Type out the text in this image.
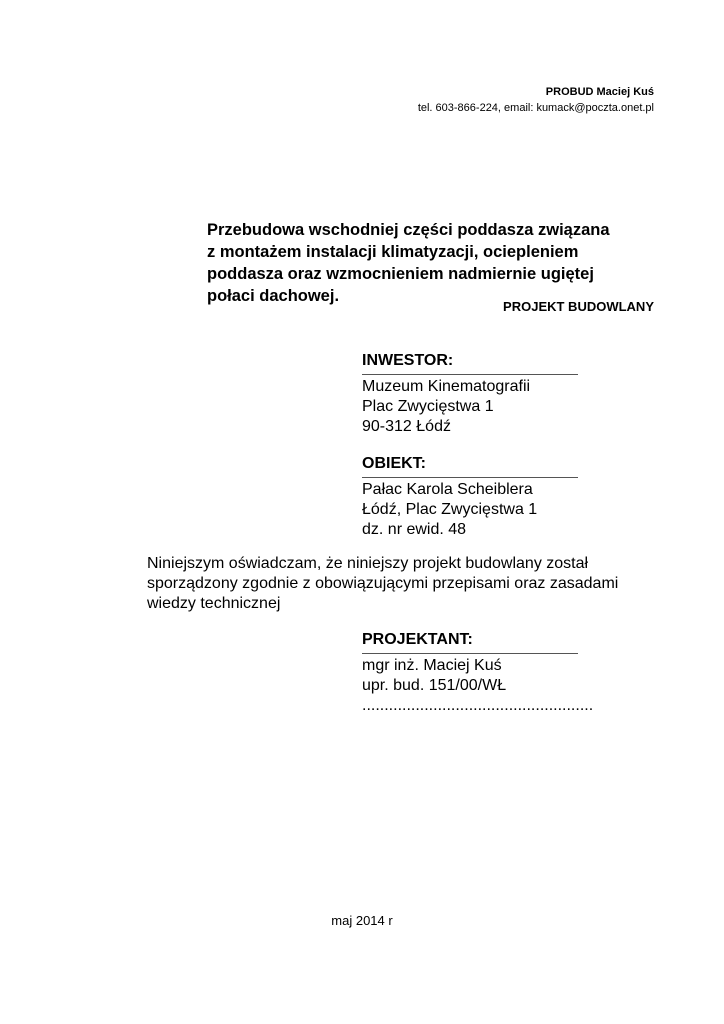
PROBUD Maciej Kuś
tel. 603-866-224, email: kumack@poczta.onet.pl

Przebudowa wschodniej części poddasza związana

z montażem instalacji klimatyzacji, ociepleniem

poddasza oraz wzmocnieniem nadmiernie ugiętej

połaci dachowej.

PROJEKT BUDOWLANY
INWESTOR:
Muzeum Kinematografii
Plac Zwycięstwa 1
90-312 Łódź
OBIEKT:
Pałac Karola Scheiblera
Łódź, Plac Zwycięstwa 1
dz. nr ewid. 48
Niniejszym oświadczam, że niniejszy projekt budowlany został
sporządzony zgodnie z obowiązującymi przepisami oraz zasadami
wiedzy technicznej
PROJEKTANT:
mgr inż. Maciej Kuś
upr. bud. 151/00/WŁ
....................................................
maj 2014 r
